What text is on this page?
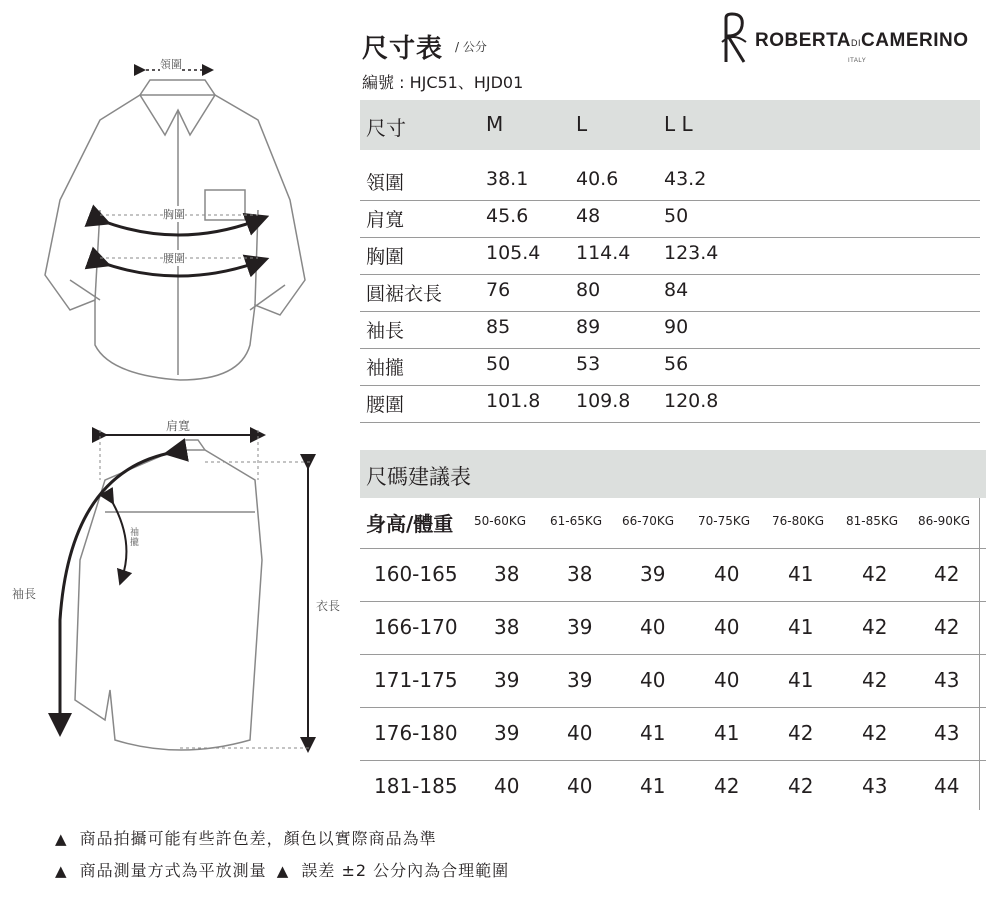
領圍
胸圍
腰圍
肩寬
袖
攏
袖長
衣長
尺寸表 / 公分
編號 : HJC51、HJD01
ROBERTADICAMERINO
ITALY
尺寸	M	L	L L
領圍	38.1	40.6 43.2
肩寬	45.6	48	50
胸圍	105.4 114.4 123.4
圓裾衣長 76	80	84
袖長	85	89	90
袖攏	50	53	56
腰圍	101.8 109.8 120.8
尺碼建議表
身高/體重 50-60KG 61-65KG 66-70KG 70-75KG 76-80KG 81-85KG 86-90KG
160-165 38 38 39 40 41 42 42
166-170 38 39 40 40 41 42 42
171-175 39 39 40 40 41 42 43
176-180 39 40 41 41 42 42 43
181-185 40 40 41 42 42 43 44
▲ 商品拍攝可能有些許色差，顏色以實際商品為準
▲ 商品測量方式為平放測量 ▲ 誤差 ±2 公分內為合理範圍
